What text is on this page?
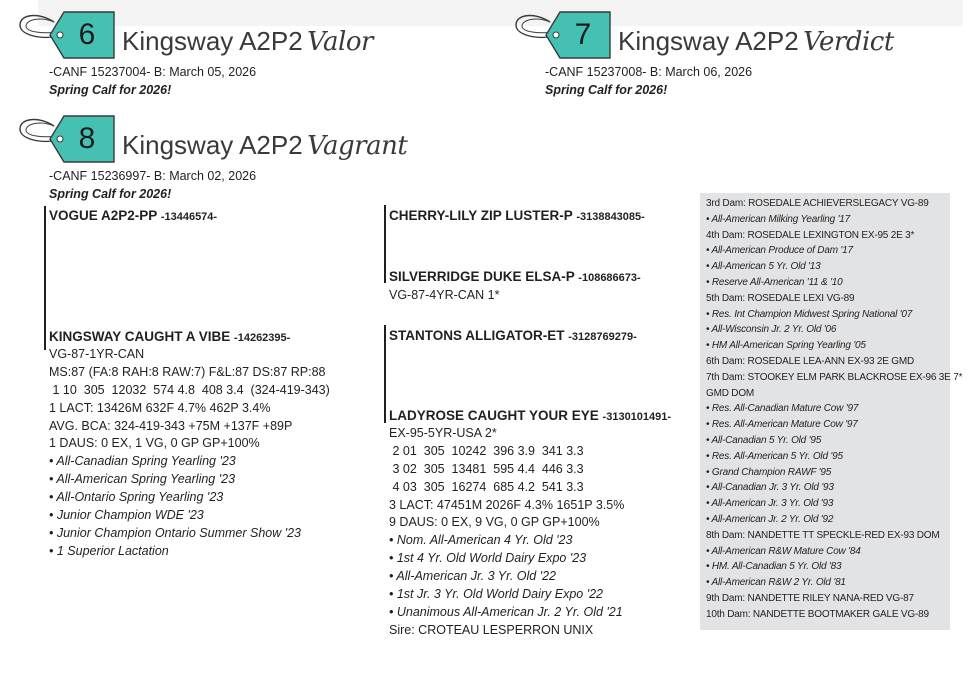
6	Kingsway A2P2 Valor
-CANF 15237004- B: March 05, 2026
Spring Calf for 2026!
7	Kingsway A2P2 Verdict
-CANF 15237008- B: March 06, 2026
Spring Calf for 2026!
8	Kingsway A2P2 Vagrant
-CANF 15236997- B: March 02, 2026
Spring Calf for 2026!
VOGUE A2P2-PP -13446574-
KINGSWAY CAUGHT A VIBE -14262395-
VG-87-1YR-CAN
MS:87 (FA:8 RAH:8 RAW:7) F&L:87 DS:87 RP:88
1 10  305  12032  574 4.8  408 3.4  (324-419-343)
1 LACT: 13426M 632F 4.7% 462P 3.4%
AVG. BCA: 324-419-343 +75M +137F +89P
1 DAUS: 0 EX, 1 VG, 0 GP GP+100%
• All-Canadian Spring Yearling '23
• All-American Spring Yearling '23
• All-Ontario Spring Yearling '23
• Junior Champion WDE '23
• Junior Champion Ontario Summer Show '23
• 1 Superior Lactation
CHERRY-LILY ZIP LUSTER-P -3138843085-
SILVERRIDGE DUKE ELSA-P -108686673-
VG-87-4YR-CAN 1*
STANTONS ALLIGATOR-ET -3128769279-
LADYROSE CAUGHT YOUR EYE -3130101491-
EX-95-5YR-USA 2*
2 01  305  10242  396 3.9  341 3.3
3 02  305  13481  595 4.4  446 3.3
4 03  305  16274  685 4.2  541 3.3
3 LACT: 47451M 2026F 4.3% 1651P 3.5%
9 DAUS: 0 EX, 9 VG, 0 GP GP+100%
• Nom. All-American 4 Yr. Old '23
• 1st 4 Yr. Old World Dairy Expo '23
• All-American Jr. 3 Yr. Old '22
• 1st Jr. 3 Yr. Old World Dairy Expo '22
• Unanimous All-American Jr. 2 Yr. Old '21
Sire: CROTEAU LESPERRON UNIX
3rd Dam: ROSEDALE ACHIEVERSLEGACY VG-89
• All-American Milking Yearling '17
4th Dam: ROSEDALE LEXINGTON EX-95 2E 3*
• All-American Produce of Dam '17
• All-American 5 Yr. Old '13
• Reserve All-American '11 & '10
5th Dam: ROSEDALE LEXI VG-89
• Res. Int Champion Midwest Spring National '07
• All-Wisconsin Jr. 2 Yr. Old '06
• HM All-American Spring Yearling '05
6th Dam: ROSEDALE LEA-ANN EX-93 2E GMD
7th Dam: STOOKEY ELM PARK BLACKROSE EX-96 3E 7*
GMD DOM
• Res. All-Canadian Mature Cow '97
• Res. All-American Mature Cow '97
• All-Canadian 5 Yr. Old '95
• Res. All-American 5 Yr. Old '95
• Grand Champion RAWF '95
• All-Canadian Jr. 3 Yr. Old '93
• All-American Jr. 3 Yr. Old '93
• All-American Jr. 2 Yr. Old '92
8th Dam: NANDETTE TT SPECKLE-RED EX-93 DOM
• All-American R&W Mature Cow '84
• HM. All-Canadian 5 Yr. Old '83
• All-American R&W 2 Yr. Old '81
9th Dam: NANDETTE RILEY NANA-RED VG-87
10th Dam: NANDETTE BOOTMAKER GALE VG-89
